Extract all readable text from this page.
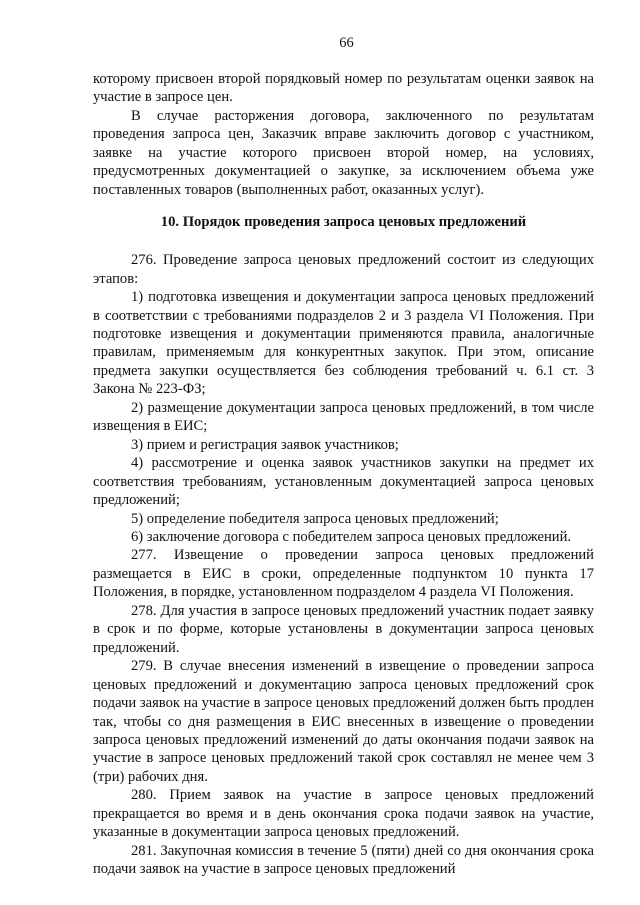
66

которому присвоен второй порядковый номер по результатам оценки заявок на участие в запросе цен.

В случае расторжения договора, заключенного по результатам проведения запроса цен, Заказчик вправе заключить договор с участником, заявке на участие которого присвоен второй номер, на условиях, предусмотренных документацией о закупке, за исключением объема уже поставленных товаров (выполненных работ, оказанных услуг).

10. Порядок проведения запроса ценовых предложений

276. Проведение запроса ценовых предложений состоит из следующих этапов:

1) подготовка извещения и документации запроса ценовых предложений в соответствии с требованиями подразделов 2 и 3 раздела VI Положения. При подготовке извещения и документации применяются правила, аналогичные правилам, применяемым для конкурентных закупок. При этом, описание предмета закупки осуществляется без соблюдения требований ч. 6.1 ст. 3 Закона № 223-ФЗ;

2) размещение документации запроса ценовых предложений, в том числе извещения в ЕИС;

3) прием и регистрация заявок участников;

4) рассмотрение и оценка заявок участников закупки на предмет их соответствия требованиям, установленным документацией запроса ценовых предложений;

5) определение победителя запроса ценовых предложений;

6) заключение договора с победителем запроса ценовых предложений.

277. Извещение о проведении запроса ценовых предложений размещается в ЕИС в сроки, определенные подпунктом 10 пункта 17 Положения, в порядке, установленном подразделом 4 раздела VI Положения.

278. Для участия в запросе ценовых предложений участник подает заявку в срок и по форме, которые установлены в документации запроса ценовых предложений.

279. В случае внесения изменений в извещение о проведении запроса ценовых предложений и документацию запроса ценовых предложений срок подачи заявок на участие в запросе ценовых предложений должен быть продлен так, чтобы со дня размещения в ЕИС внесенных в извещение о проведении запроса ценовых предложений изменений до даты окончания подачи заявок на участие в запросе ценовых предложений такой срок составлял не менее чем 3 (три) рабочих дня.

280. Прием заявок на участие в запросе ценовых предложений прекращается во время и в день окончания срока подачи заявок на участие, указанные в документации запроса ценовых предложений.

281. Закупочная комиссия в течение 5 (пяти) дней со дня окончания срока подачи заявок на участие в запросе ценовых предложений
